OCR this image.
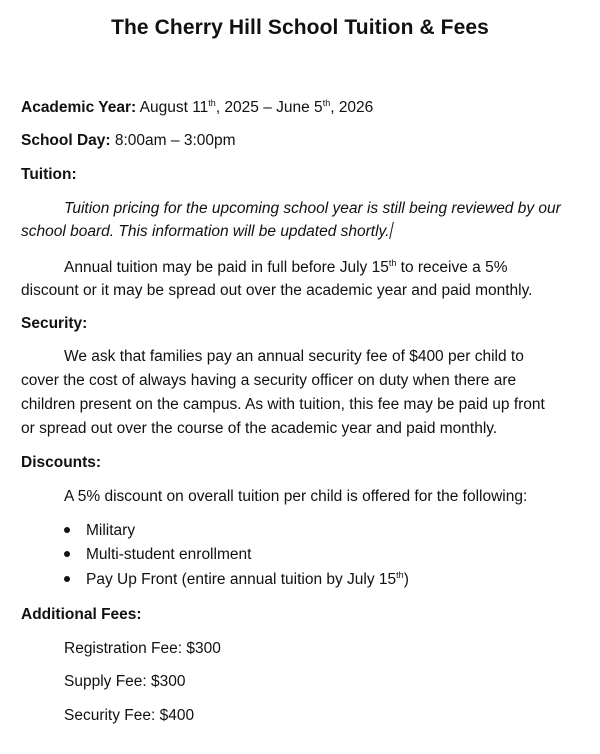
The Cherry Hill School Tuition & Fees
Academic Year: August 11th, 2025 – June 5th, 2026
School Day: 8:00am – 3:00pm
Tuition:
Tuition pricing for the upcoming school year is still being reviewed by our
school board. This information will be updated shortly.
Annual tuition may be paid in full before July 15th to receive a 5%
discount or it may be spread out over the academic year and paid monthly.
Security:
We ask that families pay an annual security fee of $400 per child to
cover the cost of always having a security officer on duty when there are
children present on the campus. As with tuition, this fee may be paid up front
or spread out over the course of the academic year and paid monthly.
Discounts:
A 5% discount on overall tuition per child is offered for the following:
Military
Multi-student enrollment
Pay Up Front (entire annual tuition by July 15th)
Additional Fees:
Registration Fee: $300
Supply Fee: $300
Security Fee: $400
